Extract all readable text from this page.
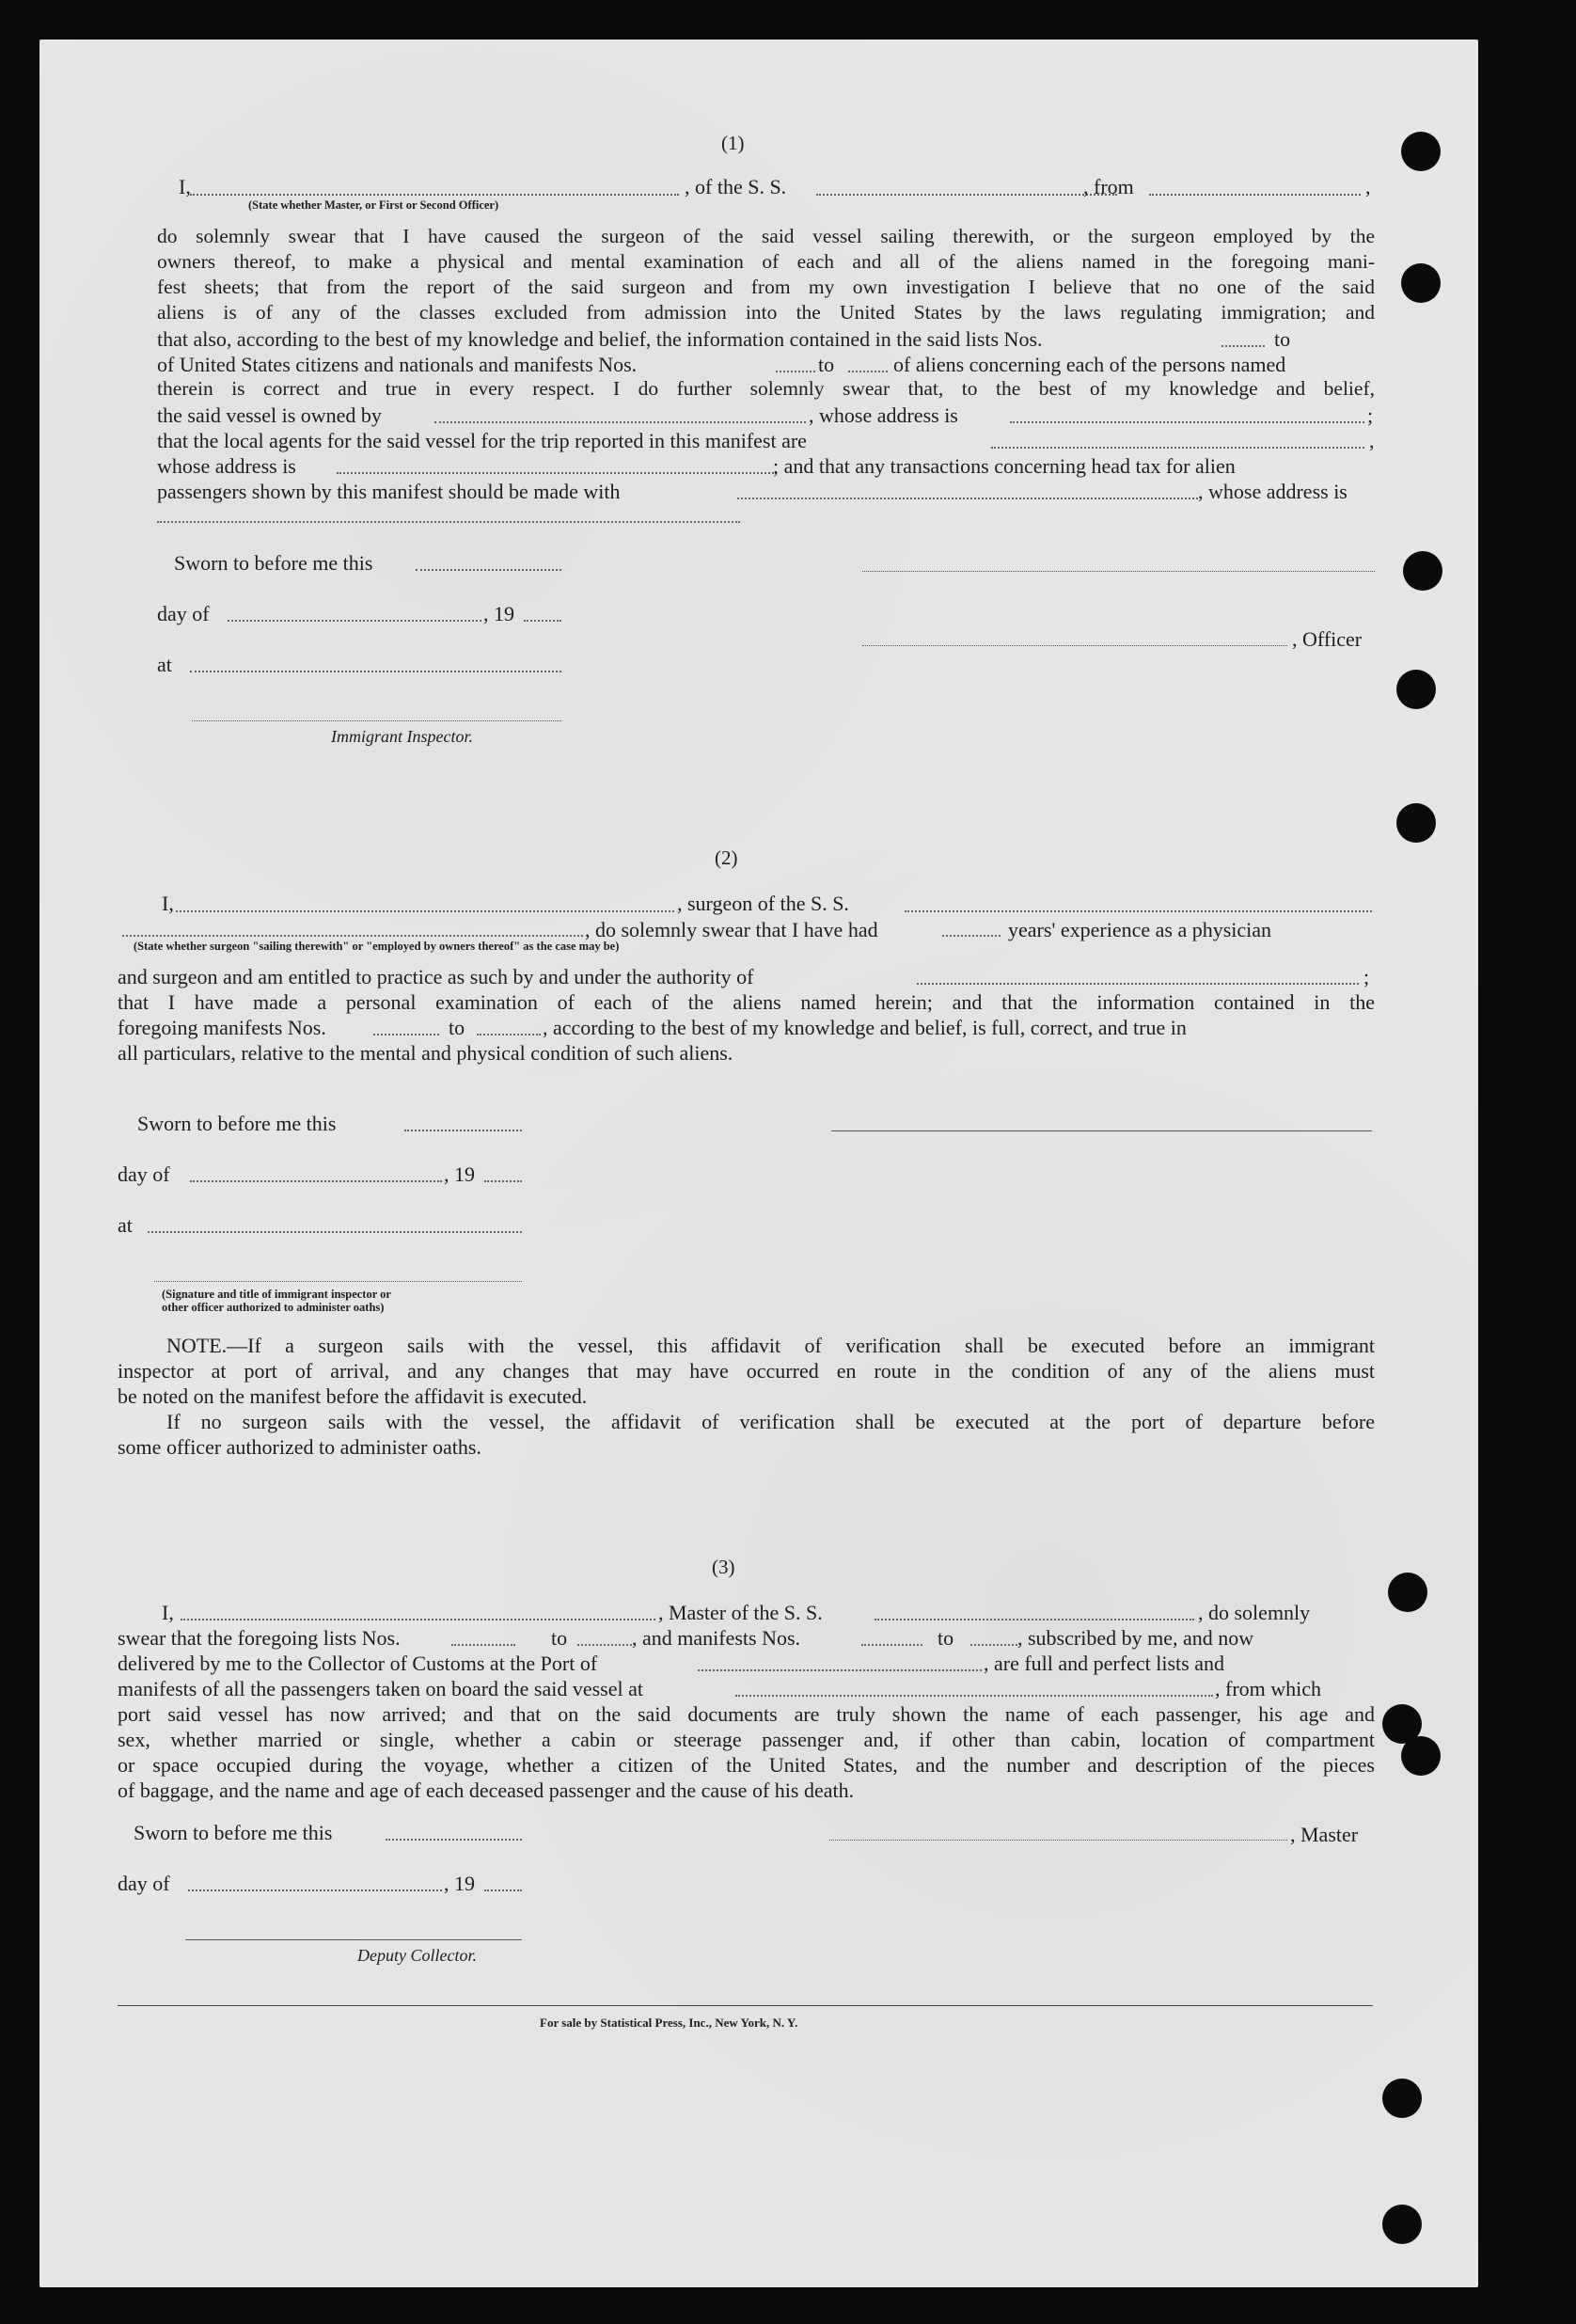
(1)
I,	, of the S. S.	, from	,
(State whether Master, or First or Second Officer)
do solemnly swear that I have caused the surgeon of the said vessel sailing therewith, or the surgeon employed by the
owners thereof, to make a physical and mental examination of each and all of the aliens named in the foregoing mani-
fest sheets; that from the report of the said surgeon and from my own investigation I believe that no one of the said
aliens is of any of the classes excluded from admission into the United States by the laws regulating immigration; and
that also, according to the best of my knowledge and belief, the information contained in the said lists Nos.	to
of United States citizens and nationals and manifests Nos.	to	of aliens concerning each of the persons named
therein is correct and true in every respect. I do further solemnly swear that, to the best of my knowledge and belief,
the said vessel is owned by	, whose address is	;
that the local agents for the said vessel for the trip reported in this manifest are	,
whose address is	; and that any transactions concerning head tax for alien
passengers shown by this manifest should be made with	, whose address is
Sworn to before me this
day of	, 19
, Officer
at
Immigrant Inspector.
(2)
I,	, surgeon of the S. S.
, do solemnly swear that I have had	years' experience as a physician
(State whether surgeon "sailing therewith" or "employed by owners thereof" as the case may be)
and surgeon and am entitled to practice as such by and under the authority of	;
that I have made a personal examination of each of the aliens named herein; and that the information contained in the
foregoing manifests Nos.	to	, according to the best of my knowledge and belief, is full, correct, and true in
all particulars, relative to the mental and physical condition of such aliens.
Sworn to before me this
day of	, 19
at
(Signature and title of immigrant inspector or
other officer authorized to administer oaths)
NOTE.—If a surgeon sails with the vessel, this affidavit of verification shall be executed before an immigrant
inspector at port of arrival, and any changes that may have occurred en route in the condition of any of the aliens must
be noted on the manifest before the affidavit is executed.
If no surgeon sails with the vessel, the affidavit of verification shall be executed at the port of departure before
some officer authorized to administer oaths.
(3)
I,	, Master of the S. S.	, do solemnly
swear that the foregoing lists Nos.	to	, and manifests Nos.	to	, subscribed by me, and now
delivered by me to the Collector of Customs at the Port of	, are full and perfect lists and
manifests of all the passengers taken on board the said vessel at	, from which
port said vessel has now arrived; and that on the said documents are truly shown the name of each passenger, his age and
sex, whether married or single, whether a cabin or steerage passenger and, if other than cabin, location of compartment
or space occupied during the voyage, whether a citizen of the United States, and the number and description of the pieces
of baggage, and the name and age of each deceased passenger and the cause of his death.
Sworn to before me this	, Master
day of	, 19
Deputy Collector.
For sale by Statistical Press, Inc., New York, N. Y.
